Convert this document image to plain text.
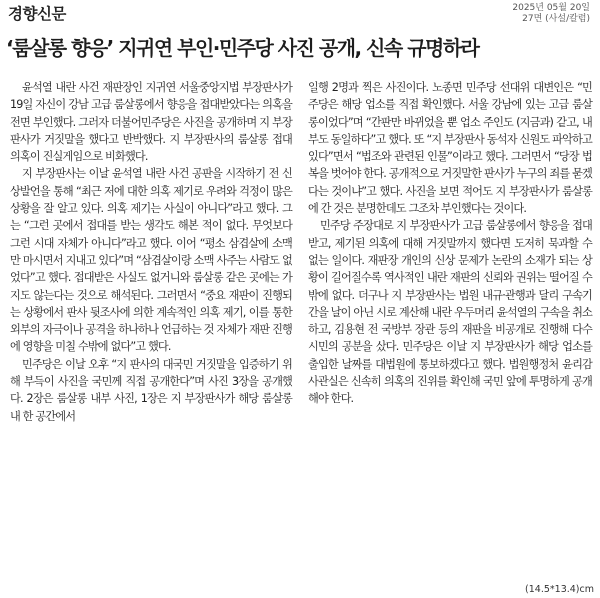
경향신문	2025년 05월 20일
27면 (사설/칼럼)
‘룸살롱 향응’ 지귀연 부인·민주당 사진 공개, 신속 규명하라

윤석열 내란 사건 재판장인 지귀연 서울중앙지법 부장판사가 19일 자신이 강남 고급 룸살롱에서 향응을 접대받았다는 의혹을 전면 부인했다. 그러자 더불어민주당은 사진을 공개하며 지 부장판사가 거짓말을 했다고 반박했다. 지 부장판사의 룸살롱 접대 의혹이 진실게임으로 비화했다.

지 부장판사는 이날 윤석열 내란 사건 공판을 시작하기 전 신상발언을 통해 “최근 저에 대한 의혹 제기로 우려와 걱정이 많은 상황을 잘 알고 있다. 의혹 제기는 사실이 아니다”라고 했다. 그는 “그런 곳에서 접대를 받는 생각도 해본 적이 없다. 무엇보다 그런 시대 자체가 아니다”라고 했다. 이어 “평소 삼겹살에 소맥만 마시면서 지내고 있다”며 “삼겹살이랑 소맥 사주는 사람도 없었다”고 했다. 접대받은 사실도 없거니와 룸살롱 같은 곳에는 가지도 않는다는 것으로 해석된다. 그러면서 “중요 재판이 진행되는 상황에서 판사 뒷조사에 의한 계속적인 의혹 제기, 이를 통한 외부의 자극이나 공격을 하나하나 언급하는 것 자체가 재판 진행에 영향을 미칠 수밖에 없다”고 했다.

민주당은 이날 오후 “지 판사의 대국민 거짓말을 입증하기 위해 부득이 사진을 국민께 직접 공개한다”며 사진 3장을 공개했다. 2장은 룸살롱 내부 사진, 1장은 지 부장판사가 해당 룸살롱 내 한 공간에서

일행 2명과 찍은 사진이다. 노종면 민주당 선대위 대변인은 “민주당은 해당 업소를 직접 확인했다. 서울 강남에 있는 고급 룸살롱이었다”며 “간판만 바뀌었을 뿐 업소 주인도 (지금과) 같고, 내부도 동일하다”고 했다. 또 “지 부장판사 동석자 신원도 파악하고 있다”면서 “법조와 관련된 인물”이라고 했다. 그러면서 “당장 법복을 벗어야 한다. 공개적으로 거짓말한 판사가 누구의 죄를 묻겠다는 것이냐”고 했다. 사진을 보면 적어도 지 부장판사가 룸살롱에 간 것은 분명한데도 그조차 부인했다는 것이다.

민주당 주장대로 지 부장판사가 고급 룸살롱에서 향응을 접대받고, 제기된 의혹에 대해 거짓말까지 했다면 도저히 묵과할 수 없는 일이다. 재판장 개인의 신상 문제가 논란의 소재가 되는 상황이 길어질수록 역사적인 내란 재판의 신뢰와 권위는 떨어질 수밖에 없다. 더구나 지 부장판사는 법원 내규·관행과 달리 구속기간을 날이 아닌 시로 계산해 내란 우두머리 윤석열의 구속을 취소하고, 김용현 전 국방부 장관 등의 재판을 비공개로 진행해 다수 시민의 공분을 샀다. 민주당은 이날 지 부장판사가 해당 업소를 출입한 날짜를 대법원에 통보하겠다고 했다. 법원행정처 윤리감사관실은 신속히 의혹의 진위를 확인해 국민 앞에 투명하게 공개해야 한다.

(14.5*13.4)cm
